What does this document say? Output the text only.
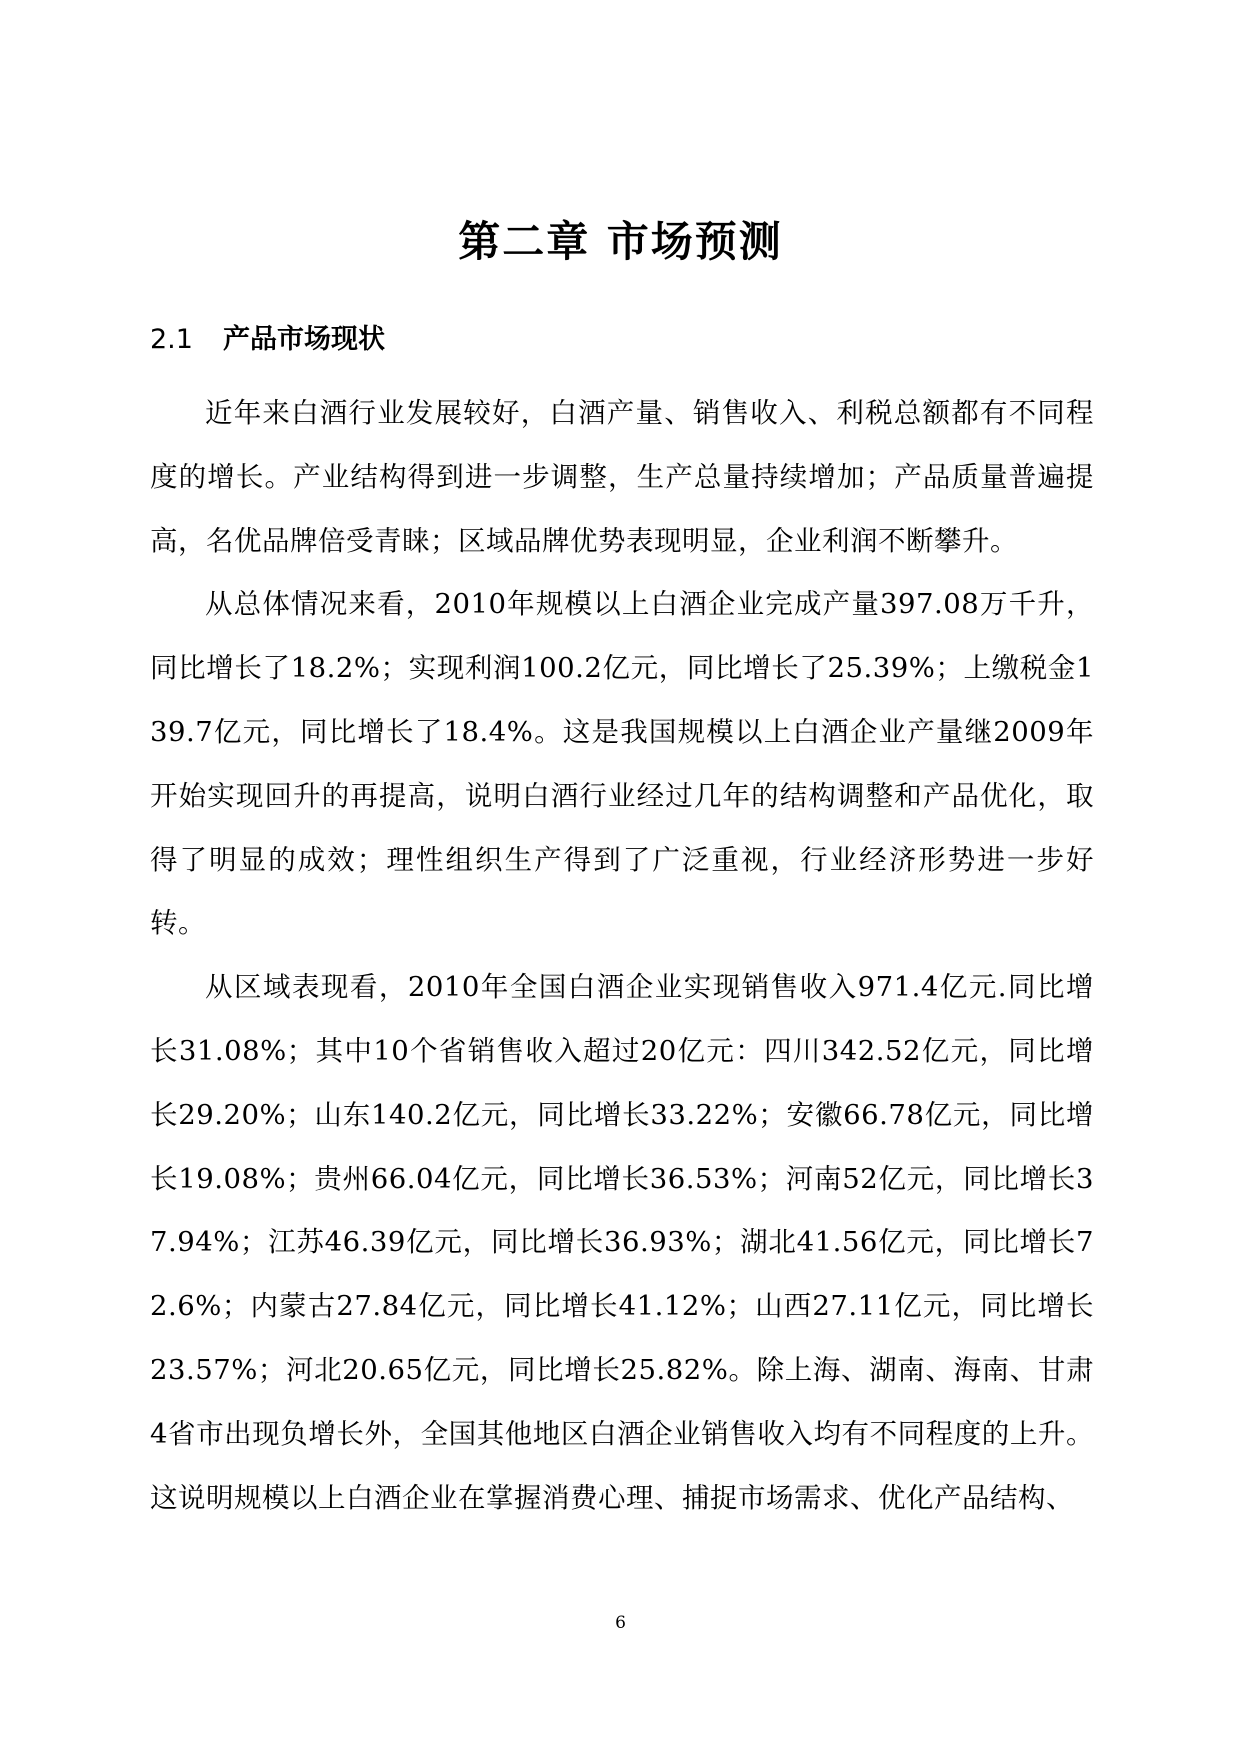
第二章 市场预测
2.1 产品市场现状

近年来白酒行业发展较好，白酒产量、销售收入、利税总额都有不同程度的增长。产业结构得到进一步调整，生产总量持续增加；产品质量普遍提高，名优品牌倍受青睐；区域品牌优势表现明显，企业利润不断攀升。

从总体情况来看，2010年规模以上白酒企业完成产量397.08万千升，同比增长了18.2%；实现利润100.2亿元，同比增长了25.39%；上缴税金139.7亿元，同比增长了18.4%。这是我国规模以上白酒企业产量继2009年开始实现回升的再提高，说明白酒行业经过几年的结构调整和产品优化，取得了明显的成效；理性组织生产得到了广泛重视，行业经济形势进一步好转。

从区域表现看，2010年全国白酒企业实现销售收入971.4亿元.同比增长31.08%；其中10个省销售收入超过20亿元：四川342.52亿元，同比增长29.20%；山东140.2亿元，同比增长33.22%；安徽66.78亿元，同比增长19.08%；贵州66.04亿元，同比增长36.53%；河南52亿元，同比增长37.94%；江苏46.39亿元，同比增长36.93%；湖北41.56亿元，同比增长72.6%；内蒙古27.84亿元，同比增长41.12%；山西27.11亿元，同比增长23.57%；河北20.65亿元，同比增长25.82%。除上海、湖南、海南、甘肃4省市出现负增长外，全国其他地区白酒企业销售收入均有不同程度的上升。这说明规模以上白酒企业在掌握消费心理、捕捉市场需求、优化产品结构、

6
